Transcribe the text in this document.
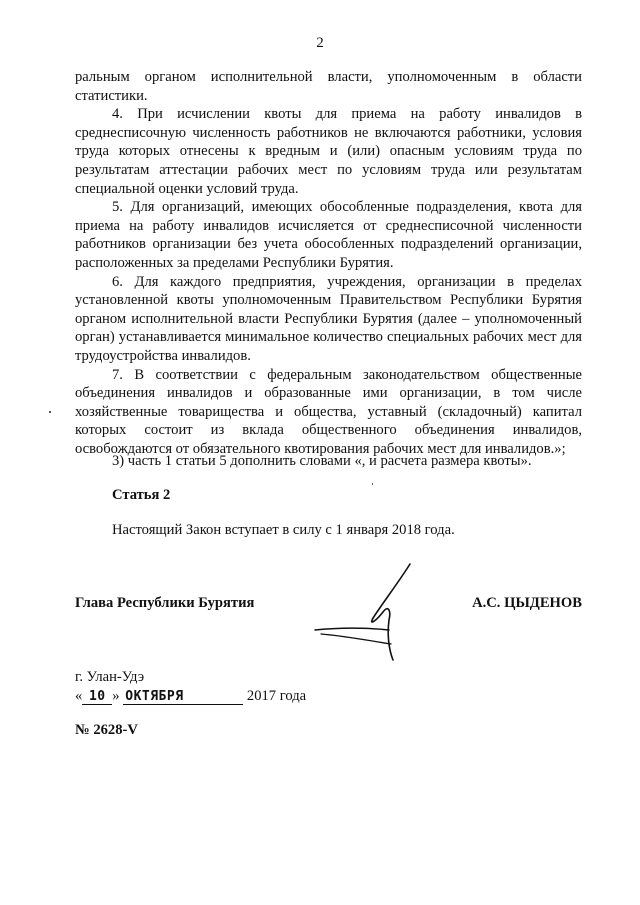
2

ральным органом исполнительной власти, уполномоченным в области статистики.

4. При исчислении квоты для приема на работу инвалидов в среднесписочную численность работников не включаются работники, условия труда которых отнесены к вредным и (или) опасным условиям труда по результатам аттестации рабочих мест по условиям труда или результатам специальной оценки условий труда.

5. Для организаций, имеющих обособленные подразделения, квота для приема на работу инвалидов исчисляется от среднесписочной численности работников организации без учета обособленных подразделений организации, расположенных за пределами Республики Бурятия.

6. Для каждого предприятия, учреждения, организации в пределах установленной квоты уполномоченным Правительством Республики Бурятия органом исполнительной власти Республики Бурятия (далее – уполномоченный орган) устанавливается минимальное количество специальных рабочих мест для трудоустройства инвалидов.

7. В соответствии с федеральным законодательством общественные объединения инвалидов и образованные ими организации, в том числе хозяйственные товарищества и общества, уставный (складочный) капитал которых состоит из вклада общественного объединения инвалидов, освобождаются от обязательного квотирования рабочих мест для инвалидов.»;

3) часть 1 статьи 5 дополнить словами «, и расчета размера квоты».
Статья 2
Настоящий Закон вступает в силу с 1 января 2018 года.
Глава Республики Бурятия	А.С. ЦЫДЕНОВ
г. Улан-Удэ
« 10 » ОКТЯБРЯ	2017 года
№ 2628-V
